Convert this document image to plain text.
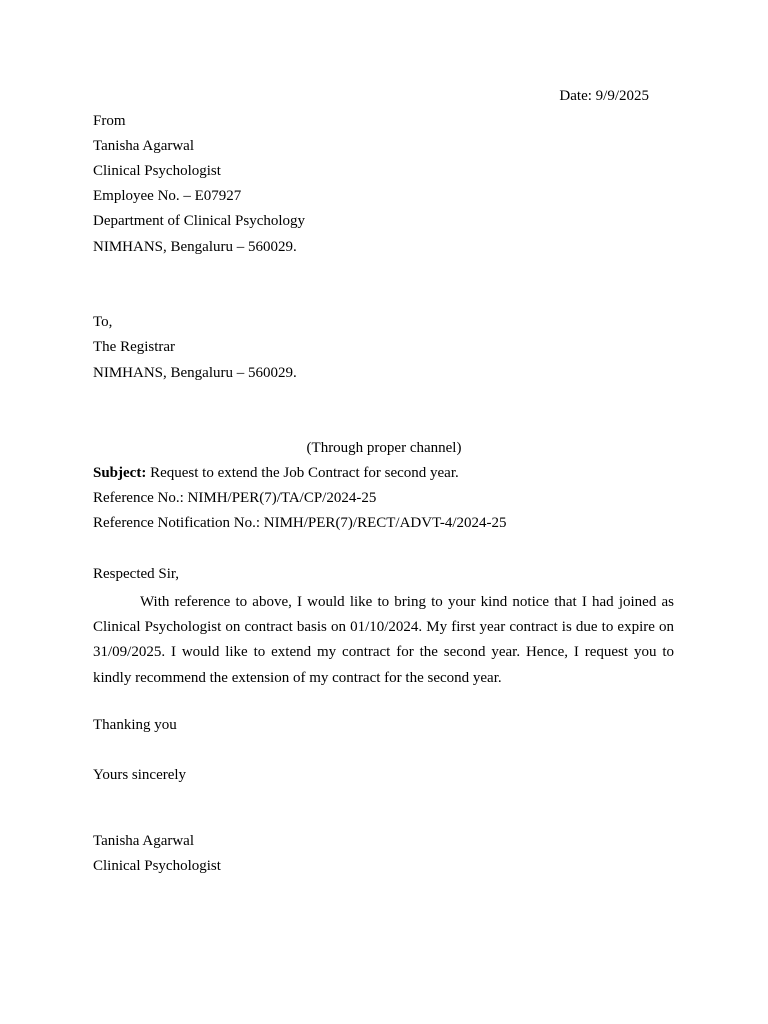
Date: 9/9/2025
From
Tanisha Agarwal
Clinical Psychologist
Employee No. – E07927
Department of Clinical Psychology
NIMHANS, Bengaluru – 560029.
To,
The Registrar
NIMHANS, Bengaluru – 560029.
(Through proper channel)
Subject: Request to extend the Job Contract for second year.
Reference No.: NIMH/PER(7)/TA/CP/2024-25
Reference Notification No.: NIMH/PER(7)/RECT/ADVT-4/2024-25
Respected Sir,

With reference to above, I would like to bring to your kind notice that I had joined as Clinical Psychologist on contract basis on 01/10/2024. My first year contract is due to expire on 31/09/2025. I would like to extend my contract for the second year. Hence, I request you to kindly recommend the extension of my contract for the second year.

Thanking you
Yours sincerely
Tanisha Agarwal
Clinical Psychologist
